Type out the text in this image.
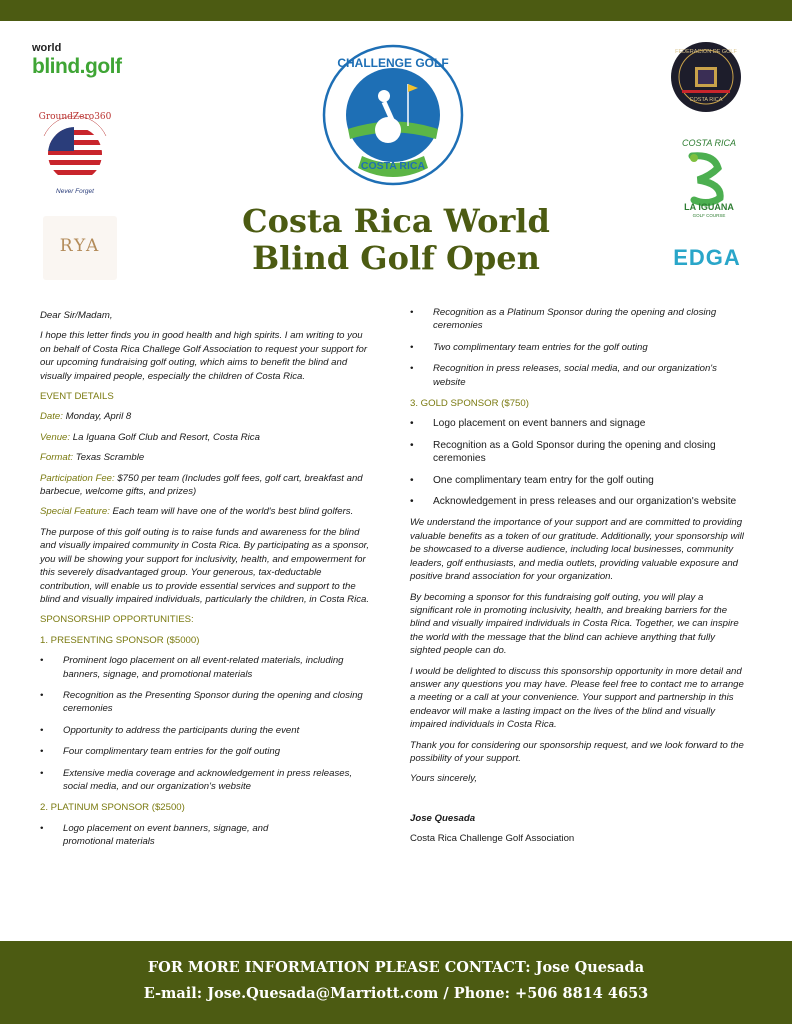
world
blind.golf
GroundZero360
Never Forget
RYA
CHALLENGE GOLF
COSTA RICA
FEDERACION DE GOLF
COSTA RICA
COSTA RICA
LA IGUANA
GOLF COURSE
EDGA
Costa Rica World
Blind Golf Open

Dear Sir/Madam,

I hope this letter finds you in good health and high spirits. I am writing to you on behalf of Costa Rica Challege Golf Association to request your support for our upcoming fundraising golf outing, which aims to benefit the blind and visually impaired people, especially the children of Costa Rica.

EVENT DETAILS

Date: Monday, April 8

Venue: La Iguana Golf Club and Resort, Costa Rica

Format: Texas Scramble

Participation Fee: $750 per team (Includes golf fees, golf cart, breakfast and barbecue, welcome gifts, and prizes)

Special Feature: Each team will have one of the world's best blind golfers.

The purpose of this golf outing is to raise funds and awareness for the blind and visually impaired community in Costa Rica. By participating as a sponsor, you will be showing your support for inclusivity, health, and empowerment for this severely disadvantaged group. Your generous, tax-deductable contribution, will enable us to provide essential services and support to the blind and visually impaired individuals, particularly the children, in Costa Rica.

SPONSORSHIP OPPORTUNITIES:

1. PRESENTING SPONSOR ($5000)

• Prominent logo placement on all event-related materials, including banners, signage, and promotional materials
• Recognition as the Presenting Sponsor during the opening and closing ceremonies
• Opportunity to address the participants during the event
• Four complimentary team entries for the golf outing
• Extensive media coverage and acknowledgement in press releases, social media, and our organization's website

2. PLATINUM SPONSOR ($2500)

• Logo placement on event banners, signage, and promotional materials
• Recognition as a Platinum Sponsor during the opening and closing ceremonies
• Two complimentary team entries for the golf outing
• Recognition in press releases, social media, and our organization's website

3. GOLD SPONSOR ($750)

• Logo placement on event banners and signage
• Recognition as a Gold Sponsor during the opening and closing ceremonies
• One complimentary team entry for the golf outing
• Acknowledgement in press releases and our organization's website

We understand the importance of your support and are committed to providing valuable benefits as a token of our gratitude. Additionally, your sponsorship will be showcased to a diverse audience, including local businesses, community leaders, golf enthusiasts, and media outlets, providing valuable exposure and positive brand association for your organization.

By becoming a sponsor for this fundraising golf outing, you will play a significant role in promoting inclusivity, health, and breaking barriers for the blind and visually impaired individuals in Costa Rica. Together, we can inspire the world with the message that the blind can achieve anything that fully sighted people can do.

I would be delighted to discuss this sponsorship opportunity in more detail and answer any questions you may have. Please feel free to contact me to arrange a meeting or a call at your convenience. Your support and partnership in this endeavor will make a lasting impact on the lives of the blind and visually impaired individuals in Costa Rica.

Thank you for considering our sponsorship request, and we look forward to the possibility of your support.

Yours sincerely,

Jose Quesada

Costa Rica Challenge Golf Association

FOR MORE INFORMATION PLEASE CONTACT: Jose Quesada
E-mail: Jose.Quesada@Marriott.com / Phone: +506 8814 4653
